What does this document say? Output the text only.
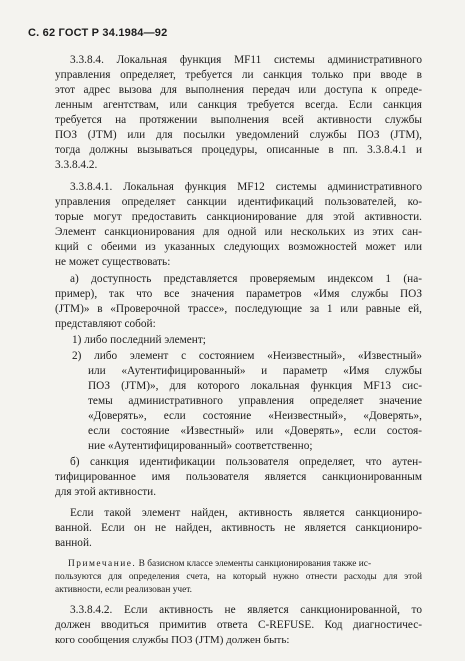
С. 62 ГОСТ Р 34.1984—92
3.3.8.4. Локальная функция MF11 системы административного
управления определяет, требуется ли санкция только при вводе в
этот адрес вызова для выполнения передач или доступа к опреде-
ленным агентствам, или санкция требуется всегда. Если санкция
требуется на протяжении выполнения всей активности службы
ПОЗ (JTM) или для посылки уведомлений службы ПОЗ (JTM),
тогда должны вызываться процедуры, описанные в пп. 3.3.8.4.1 и
3.3.8.4.2.
3.3.8.4.1. Локальная функция MF12 системы административного
управления определяет санкции идентификаций пользователей, ко-
торые могут предоставить санкционирование для этой активности.
Элемент санкционирования для одной или нескольких из этих сан-
кций с обеими из указанных следующих возможностей может или
не может существовать:
а) доступность представляется проверяемым индексом 1 (на-
пример), так что все значения параметров «Имя службы ПОЗ
(JTM)» в «Проверочной трассе», последующие за 1 или равные ей,
представляют собой:
1) либо последний элемент;
2) либо элемент с состоянием «Неизвестный», «Известный»
или «Аутентифицированный» и параметр «Имя службы
ПОЗ (JTM)», для которого локальная функция MF13 сис-
темы административного управления определяет значение
«Доверять», если состояние «Неизвестный», «Доверять»,
если состояние «Известный» или «Доверять», если состоя-
ние «Аутентифицированный» соответственно;
б) санкция идентификации пользователя определяет, что аутен-
тифицированное имя пользователя является санкционированным
для этой активности.
Если такой элемент найден, активность является санкциониро-
ванной. Если он не найден, активность не является санкциониро-
ванной.
Примечание. В базисном классе элементы санкционирования также ис-
пользуются для определения счета, на который нужно отнести расходы для этой
активности, если реализован учет.
3.3.8.4.2. Если активность не является санкционированной, то
должен вводиться примитив ответа C-REFUSE. Код диагностичес-
кого сообщения службы ПОЗ (JTM) должен быть:
